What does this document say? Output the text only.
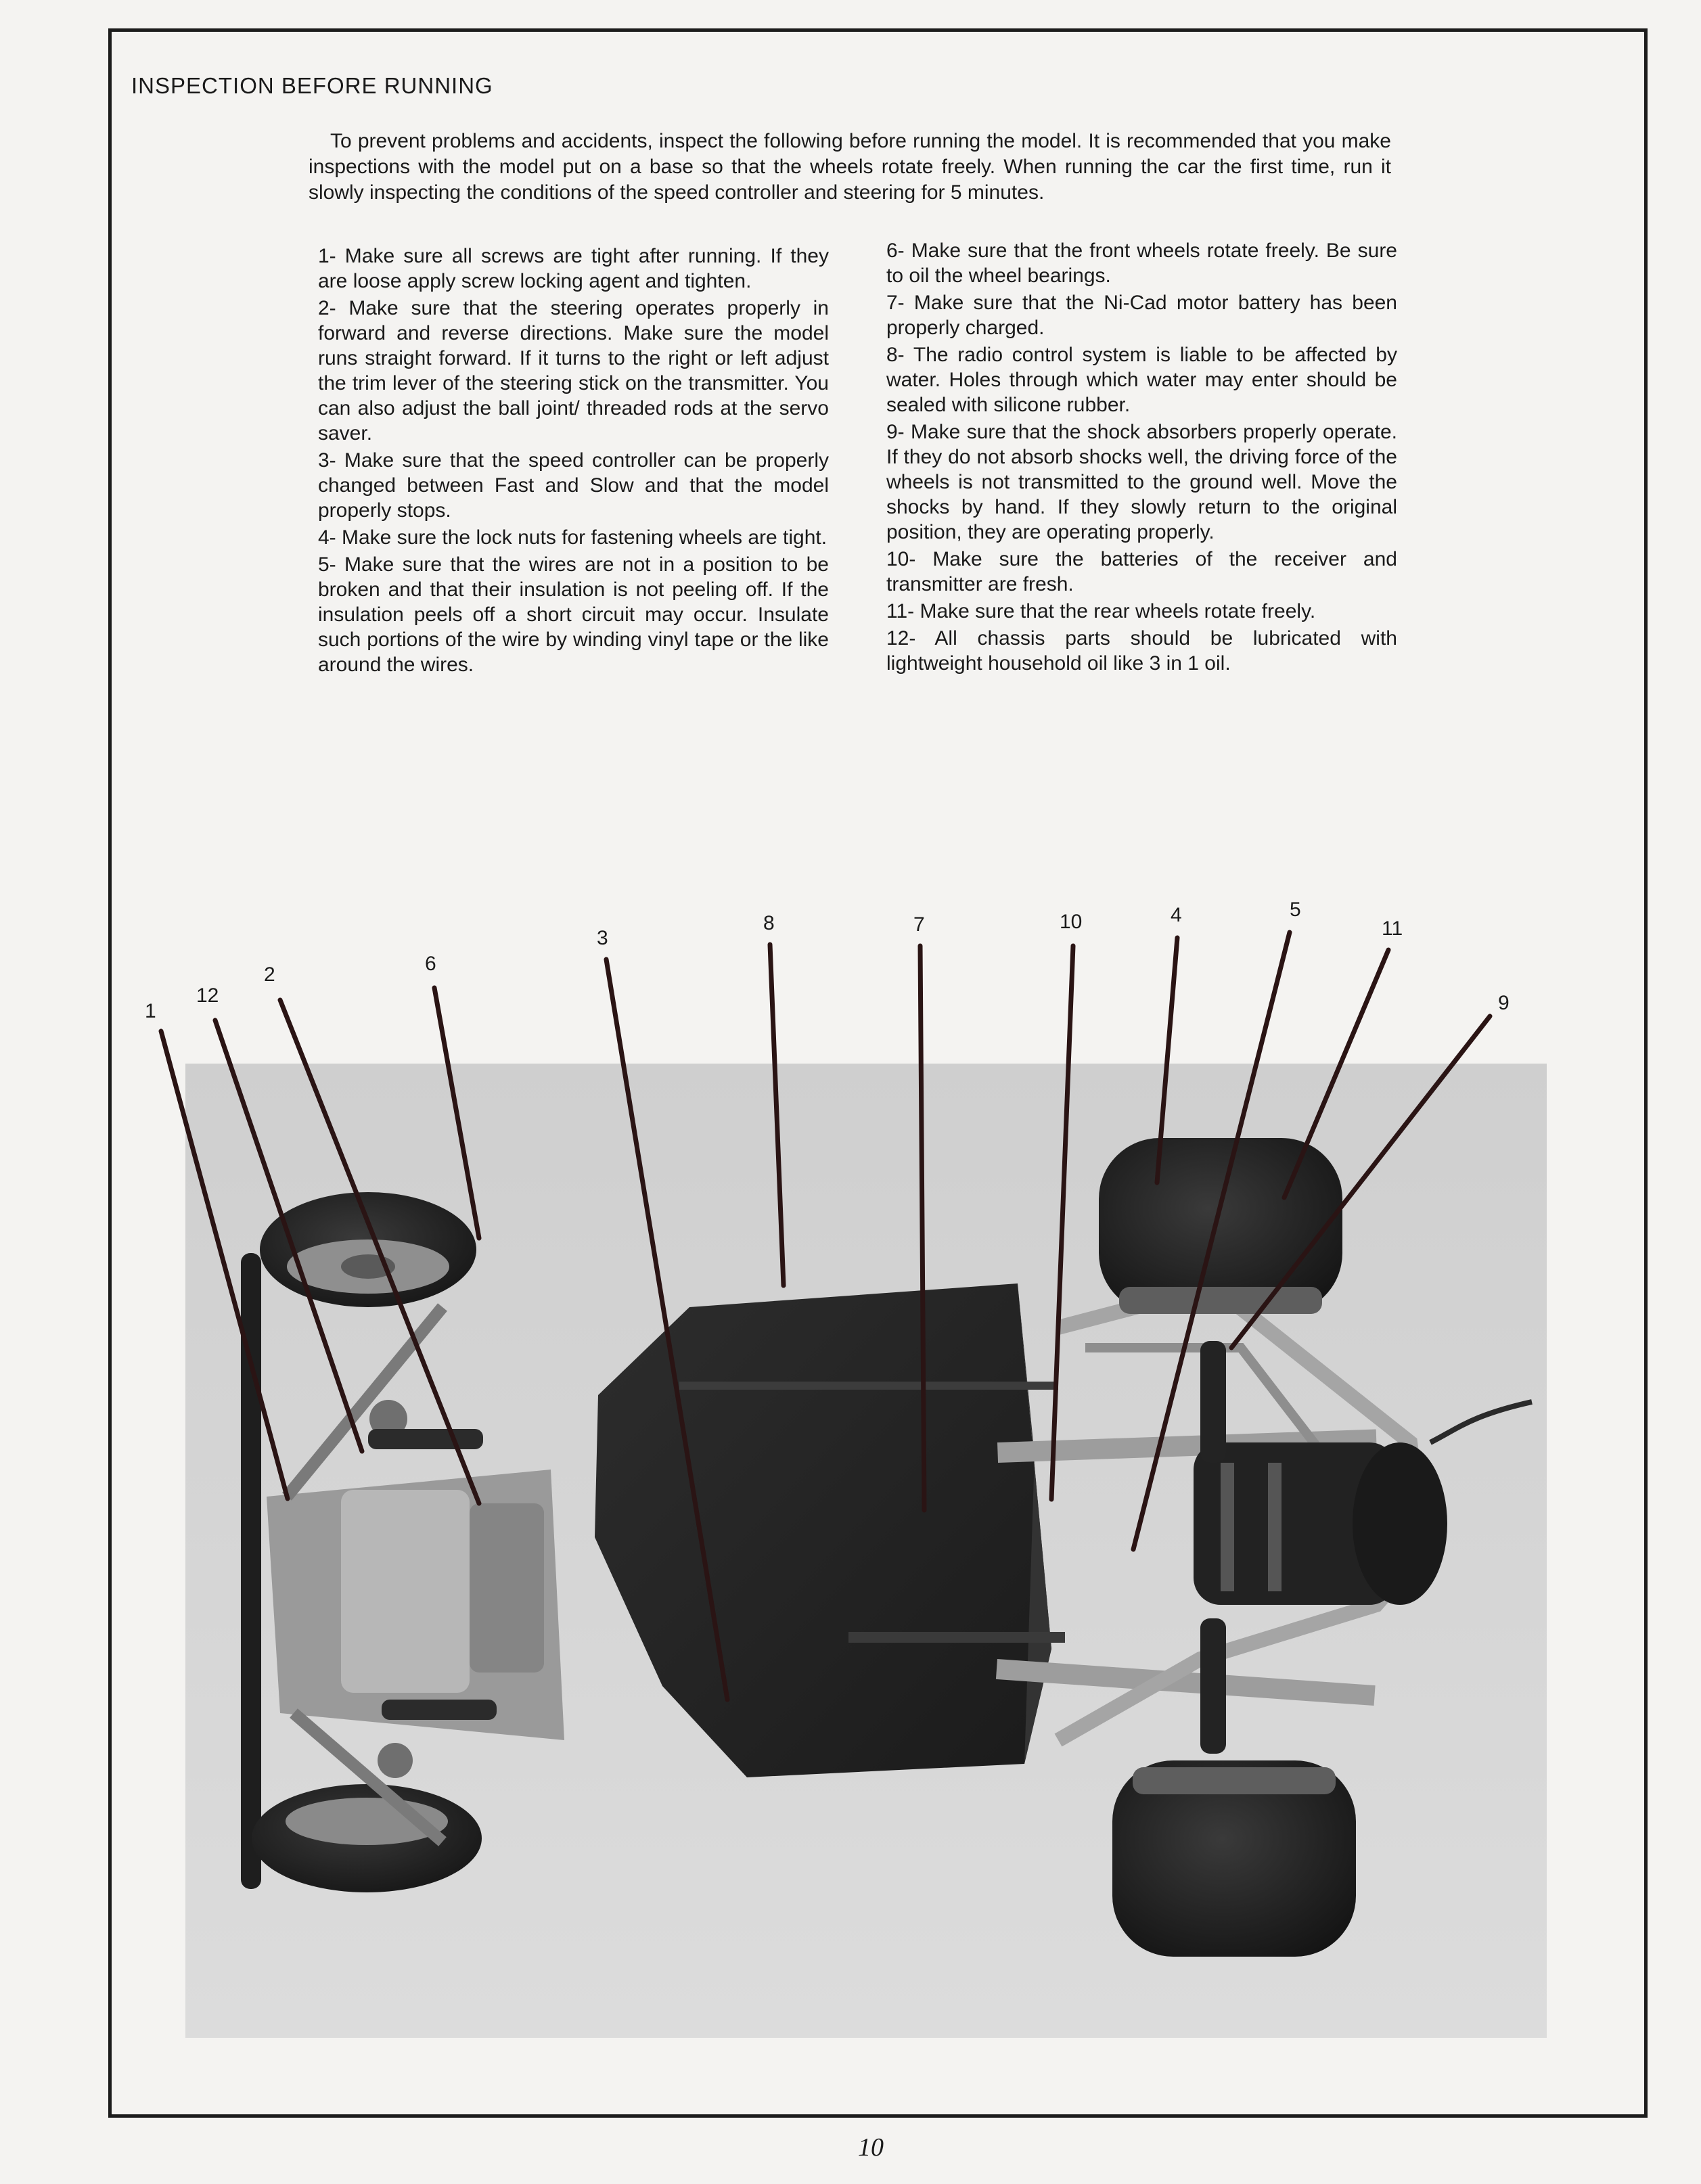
INSPECTION BEFORE RUNNING

To prevent problems and accidents, inspect the following before running the model. It is recommended that you make inspections with the model put on a base so that the wheels rotate freely. When running the car the first time, run it slowly inspecting the conditions of the speed controller and steering for 5 minutes.

1- Make sure all screws are tight after running. If they are loose apply screw locking agent and tighten.

2- Make sure that the steering operates properly in forward and reverse directions. Make sure the model runs straight forward. If it turns to the right or left adjust the trim lever of the steering stick on the transmitter. You can also adjust the ball joint/ threaded rods at the servo saver.

3- Make sure that the speed controller can be properly changed between Fast and Slow and that the model properly stops.

4- Make sure the lock nuts for fastening wheels are tight.

5- Make sure that the wires are not in a position to be broken and that their insulation is not peeling off. If the insulation peels off a short circuit may occur. Insulate such portions of the wire by winding vinyl tape or the like around the wires.

6- Make sure that the front wheels rotate freely. Be sure to oil the wheel bearings.

7- Make sure that the Ni-Cad motor battery has been properly charged.

8- The radio control system is liable to be affected by water. Holes through which water may enter should be sealed with silicone rubber.

9- Make sure that the shock absorbers properly operate. If they do not absorb shocks well, the driving force of the wheels is not transmitted to the ground well. Move the shocks by hand. If they slowly return to the original position, they are operating properly.

10- Make sure the batteries of the receiver and transmitter are fresh.

11- Make sure that the rear wheels rotate freely.

12- All chassis parts should be lubricated with lightweight household oil like 3 in 1 oil.

1
12
2	6
3
8	7	10	4	5
11
9
10
